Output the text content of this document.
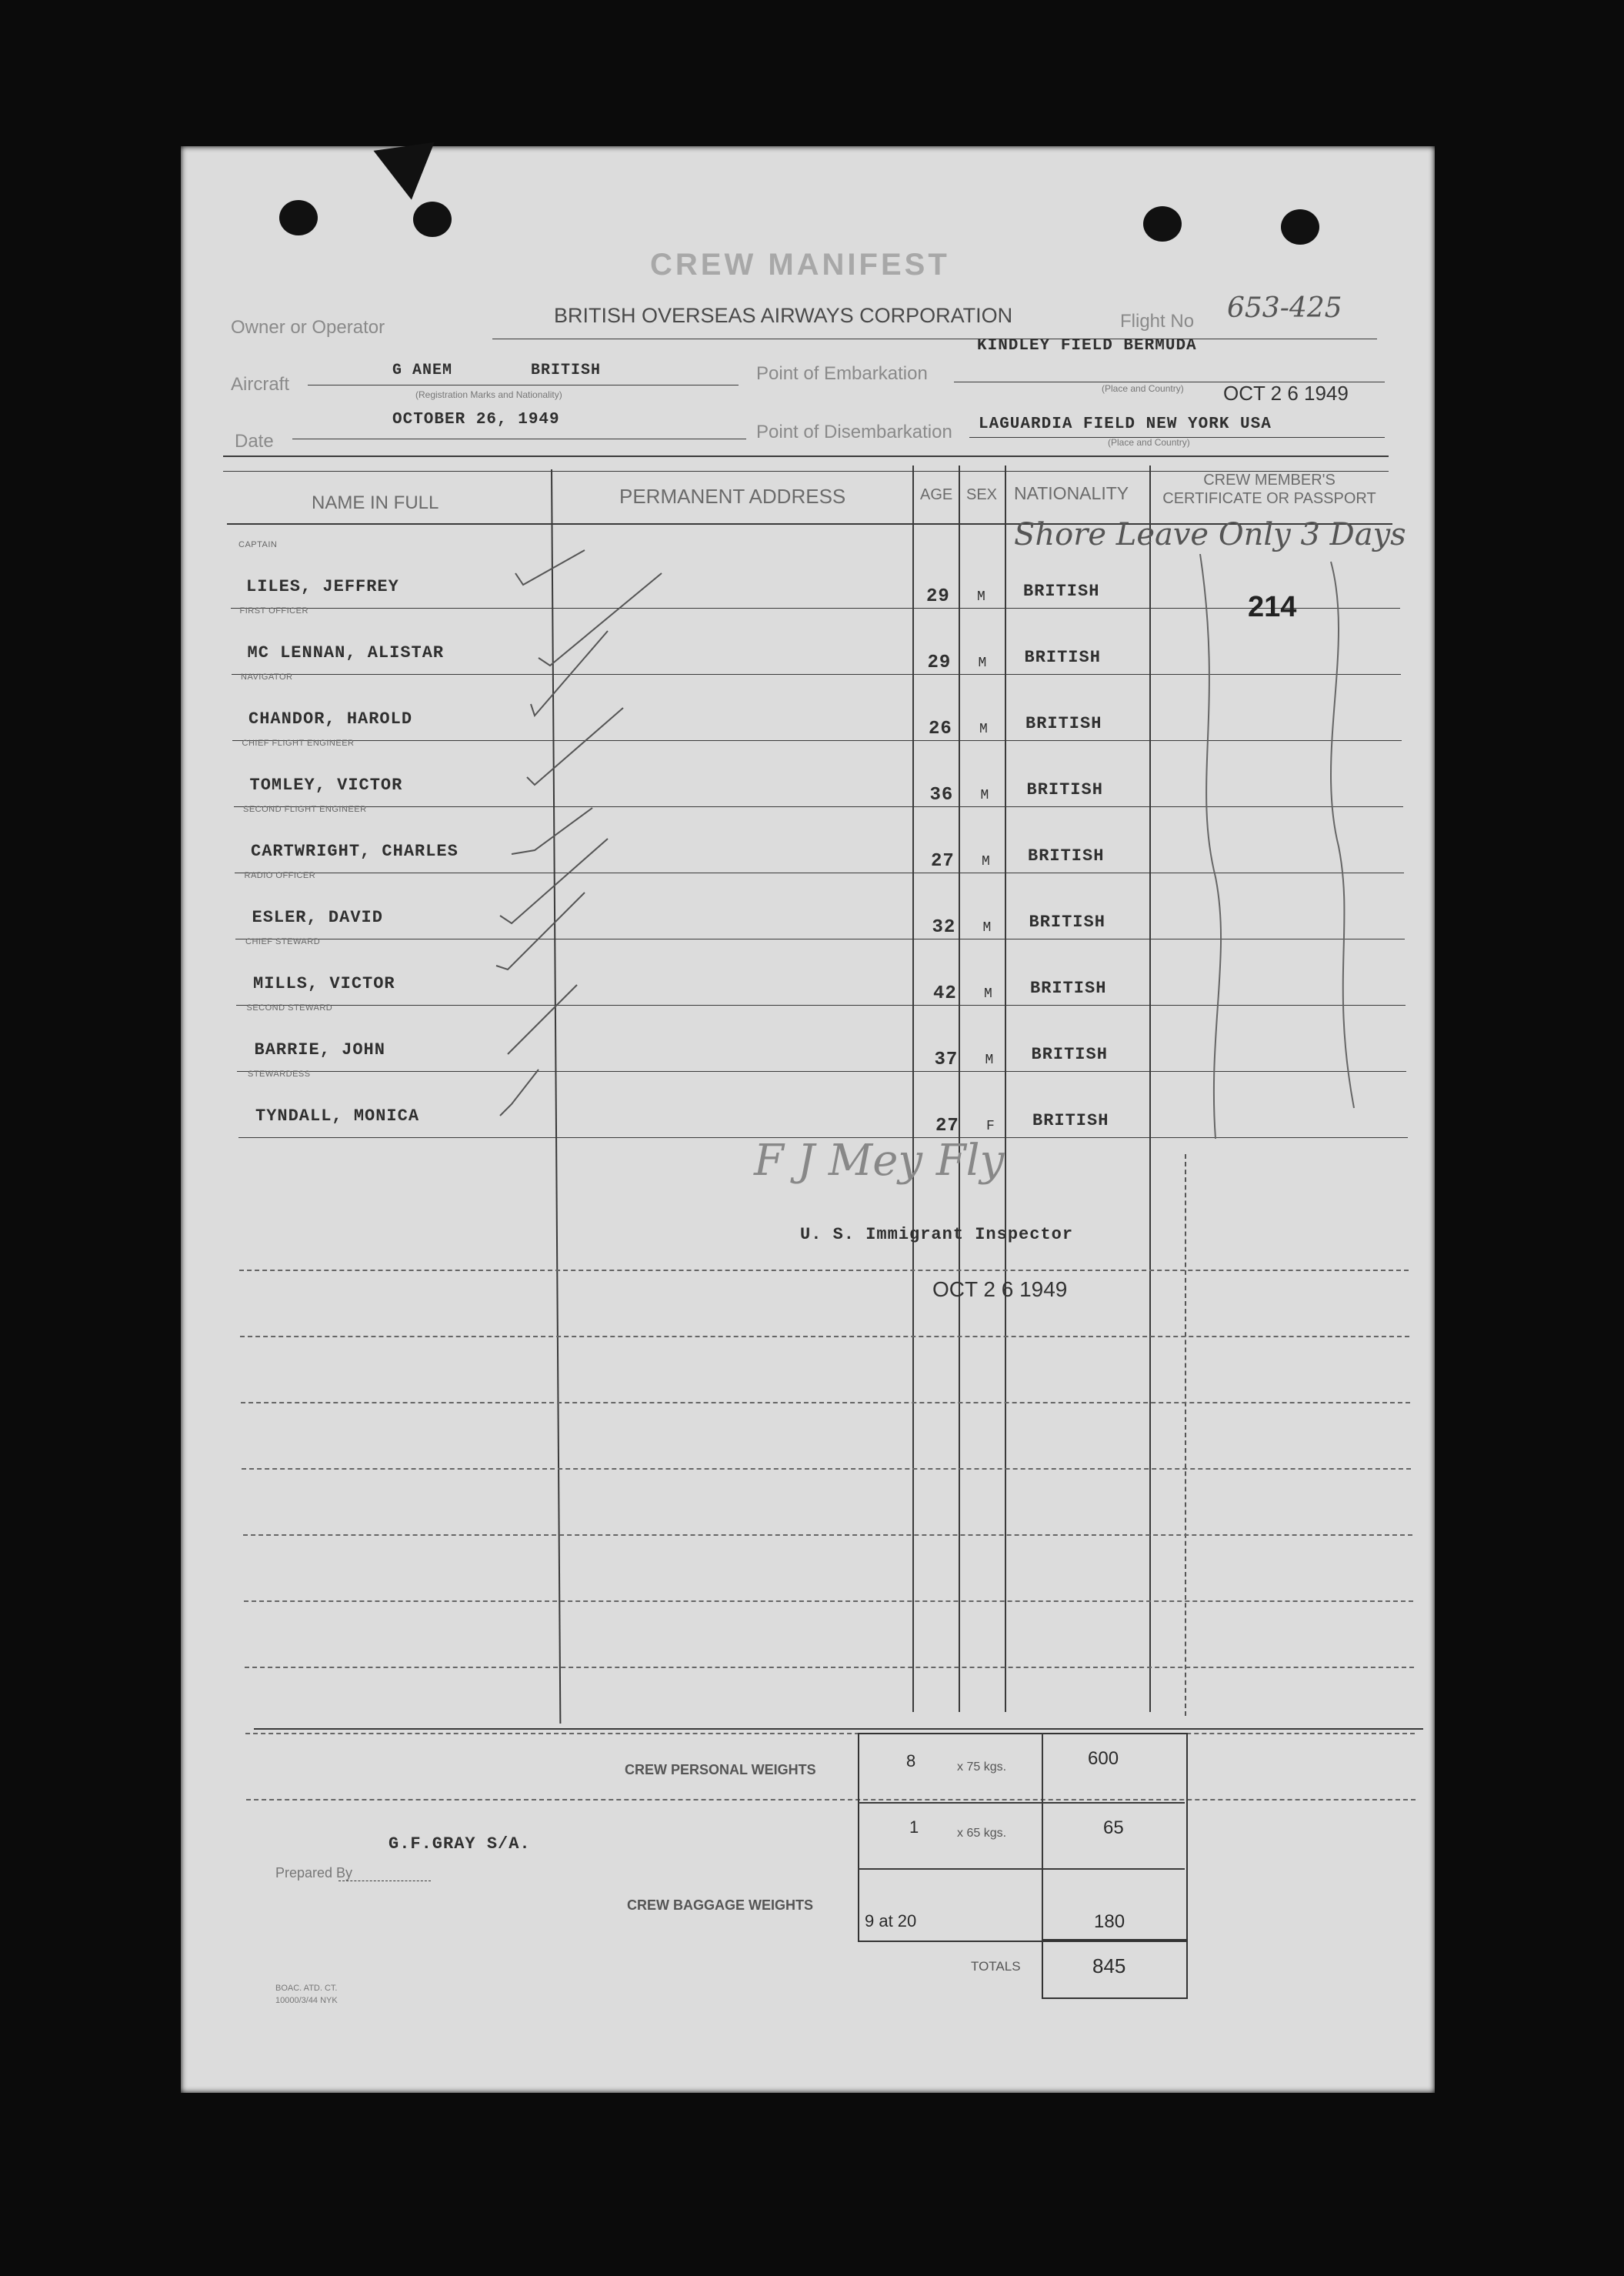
CREW MANIFEST
Owner or Operator
BRITISH OVERSEAS AIRWAYS CORPORATION	Flight No 653-425
KINDLEY FIELD BERMUDA
Aircraft
G ANEM	BRITISH
(Registration Marks and Nationality)
Point of Embarkation
(Place and Country) OCT 2 6 1949
Date
OCTOBER 26, 1949
Point of Disembarkation LAGUARDIA FIELD NEW YORK USA
(Place and Country)
NAME IN FULL	PERMANENT ADDRESS	AGE SEX NATIONALITY
CREW MEMBER'S CERTIFICATE OR PASSPORT
CAPTAIN
LILES, JEFFREY	29 M BRITISH
FIRST OFFICER
MC LENNAN, ALISTAR	29 M BRITISH
NAVIGATOR
CHANDOR, HAROLD	26 M BRITISH
CHIEF FLIGHT ENGINEER
TOMLEY, VICTOR	36 M BRITISH
SECOND FLIGHT ENGINEER
CARTWRIGHT, CHARLES	27 M BRITISH
RADIO OFFICER
ESLER, DAVID	32 M BRITISH
CHIEF STEWARD
MILLS, VICTOR	42 M BRITISH
SECOND STEWARD
BARRIE, JOHN	37 M BRITISH
STEWARDESS
TYNDALL, MONICA	27 F BRITISH
Shore Leave Only 3 Days
214
F J Mey Fly
U. S. Immigrant Inspector
OCT 2 6 1949
CREW PERSONAL WEIGHTS	8	x 75 kgs.	600
1	x 65 kgs.	65
CREW BAGGAGE WEIGHTS
9 at 20	180
TOTALS	845
G.F.GRAY S/A.
Prepared By
BOAC. ATD. CT.
10000/3/44 NYK
